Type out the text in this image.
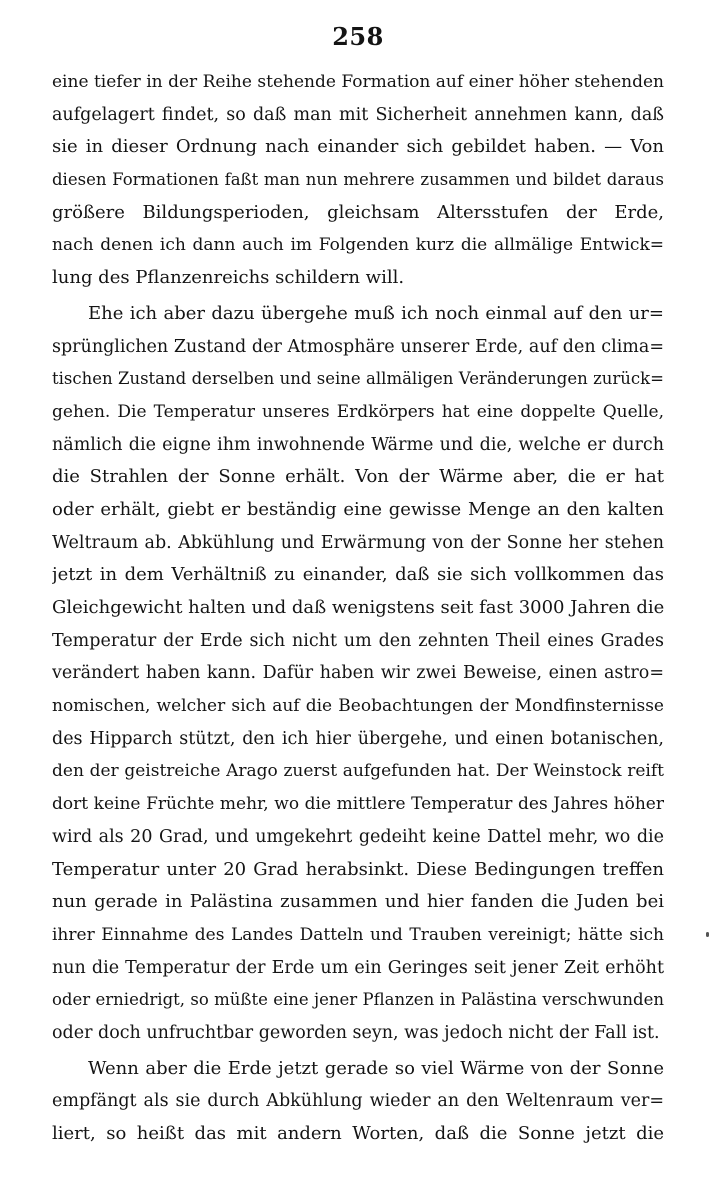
258
eine tiefer in der Reihe stehende Formation auf einer höher stehenden
aufgelagert findet, so daß man mit Sicherheit annehmen kann, daß
sie in dieser Ordnung nach einander sich gebildet haben. — Von
diesen Formationen faßt man nun mehrere zusammen und bildet daraus
größere Bildungsperioden, gleichsam Altersstufen der Erde,
nach denen ich dann auch im Folgenden kurz die allmälige Entwick=
lung des Pflanzenreichs schildern will.
Ehe ich aber dazu übergehe muß ich noch einmal auf den ur=
sprünglichen Zustand der Atmosphäre unserer Erde, auf den clima=
tischen Zustand derselben und seine allmäligen Veränderungen zurück=
gehen. Die Temperatur unseres Erdkörpers hat eine doppelte Quelle,
nämlich die eigne ihm inwohnende Wärme und die, welche er durch
die Strahlen der Sonne erhält. Von der Wärme aber, die er hat
oder erhält, giebt er beständig eine gewisse Menge an den kalten
Weltraum ab. Abkühlung und Erwärmung von der Sonne her stehen
jetzt in dem Verhältniß zu einander, daß sie sich vollkommen das
Gleichgewicht halten und daß wenigstens seit fast 3000 Jahren die
Temperatur der Erde sich nicht um den zehnten Theil eines Grades
verändert haben kann. Dafür haben wir zwei Beweise, einen astro=
nomischen, welcher sich auf die Beobachtungen der Mondfinsternisse
des Hipparch stützt, den ich hier übergehe, und einen botanischen,
den der geistreiche Arago zuerst aufgefunden hat. Der Weinstock reift
dort keine Früchte mehr, wo die mittlere Temperatur des Jahres höher
wird als 20 Grad, und umgekehrt gedeiht keine Dattel mehr, wo die
Temperatur unter 20 Grad herabsinkt. Diese Bedingungen treffen
nun gerade in Palästina zusammen und hier fanden die Juden bei
ihrer Einnahme des Landes Datteln und Trauben vereinigt; hätte sich
nun die Temperatur der Erde um ein Geringes seit jener Zeit erhöht
oder erniedrigt, so müßte eine jener Pflanzen in Palästina verschwunden
oder doch unfruchtbar geworden seyn, was jedoch nicht der Fall ist.
Wenn aber die Erde jetzt gerade so viel Wärme von der Sonne
empfängt als sie durch Abkühlung wieder an den Weltenraum ver=
liert, so heißt das mit andern Worten, daß die Sonne jetzt die
